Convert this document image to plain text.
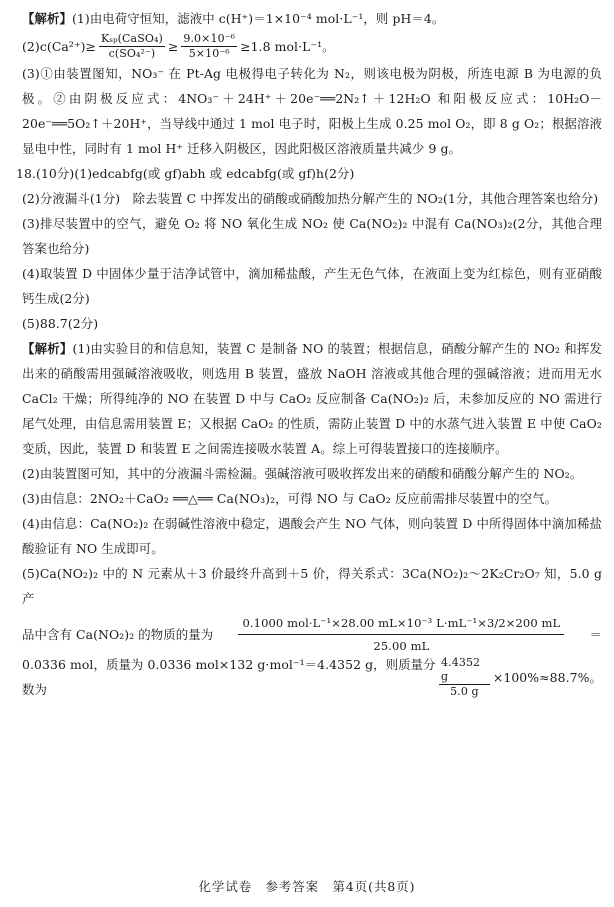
【解析】(1)由电荷守恒知，滤液中 c(H⁺)＝1×10⁻⁴ mol·L⁻¹，则 pH＝4。

$(2)c(Ca^{2+})\ge \frac{\text{Kₛₚ(CaSO₄)}}{\text{c(SO₄²⁻)}} \ge \frac{\text{9.0×10⁻⁶}}{\text{5×10⁻⁶}} \ge 1.8$ mol·L⁻¹。

(3)①由装置图知，NO₃⁻ 在 Pt-Ag 电极得电子转化为 N₂，则该电极为阴极，所连电源 B 为电源的负极。②由阴极反应式：4NO₃⁻＋24H⁺＋20e⁻══2N₂↑＋12H₂O 和阳极反应式：10H₂O－20e⁻══5O₂↑＋20H⁺，当导线中通过 1 mol 电子时，阳极上生成 0.25 mol O₂，即 8 g O₂；根据溶液显电中性，同时有 1 mol H⁺ 迁移入阴极区，因此阳极区溶液质量共减少 9 g。

18.(10分)(1)edcabfg(或 gf)abh 或 edcabfg(或 gf)h(2分)

(2)分液漏斗(1分)　除去装置 C 中挥发出的硝酸或硝酸加热分解产生的 NO₂(1分，其他合理答案也给分)

(3)排尽装置中的空气，避免 O₂ 将 NO 氧化生成 NO₂ 使 Ca(NO₂)₂ 中混有 Ca(NO₃)₂(2分，其他合理答案也给分)

(4)取装置 D 中固体少量于洁净试管中，滴加稀盐酸，产生无色气体，在液面上变为红棕色，则有亚硝酸钙生成(2分)

(5)88.7(2分)

【解析】(1)由实验目的和信息知，装置 C 是制备 NO 的装置；根据信息，硝酸分解产生的 NO₂ 和挥发出来的硝酸需用强碱溶液吸收，则选用 B 装置，盛放 NaOH 溶液或其他合理的强碱溶液；进而用无水 CaCl₂ 干燥；所得纯净的 NO 在装置 D 中与 CaO₂ 反应制备 Ca(NO₂)₂ 后，未参加反应的 NO 需进行尾气处理，由信息需用装置 E；又根据 CaO₂ 的性质，需防止装置 D 中的水蒸气进入装置 E 中使 CaO₂ 变质，因此，装置 D 和装置 E 之间需连接吸水装置 A。综上可得装置接口的连接顺序。

(2)由装置图可知，其中的分液漏斗需检漏。强碱溶液可吸收挥发出来的硝酸和硝酸分解产生的 NO₂。

(3)由信息：2NO₂＋CaO₂ ══△══ Ca(NO₃)₂，可得 NO 与 CaO₂ 反应前需排尽装置中的空气。

(4)由信息：Ca(NO₂)₂ 在弱碱性溶液中稳定，遇酸会产生 NO 气体，则向装置 D 中所得固体中滴加稀盐酸验证有 NO 生成即可。

(5)Ca(NO₂)₂ 中的 N 元素从＋3 价最终升高到＋5 价，得关系式：3Ca(NO₂)₂～2K₂Cr₂O₇ 知，5.0 g 产

品中含有 Ca(NO₂)₂ 的物质的量为 $\frac{\text{0.1000 mol·L⁻¹×28.00 mL×10⁻³ L·mL⁻¹×3/2×200 mL}}{25.00 mL}$ ＝
0.0336 mol，质量为 0.0336 mol×132 g·mol⁻¹＝4.4352 g，则质量分数为	$\frac{4.4352 g}{5.0 g} \times 100\%\approx 88.7\%$。
化学试卷　参考答案　第4页(共8页)
